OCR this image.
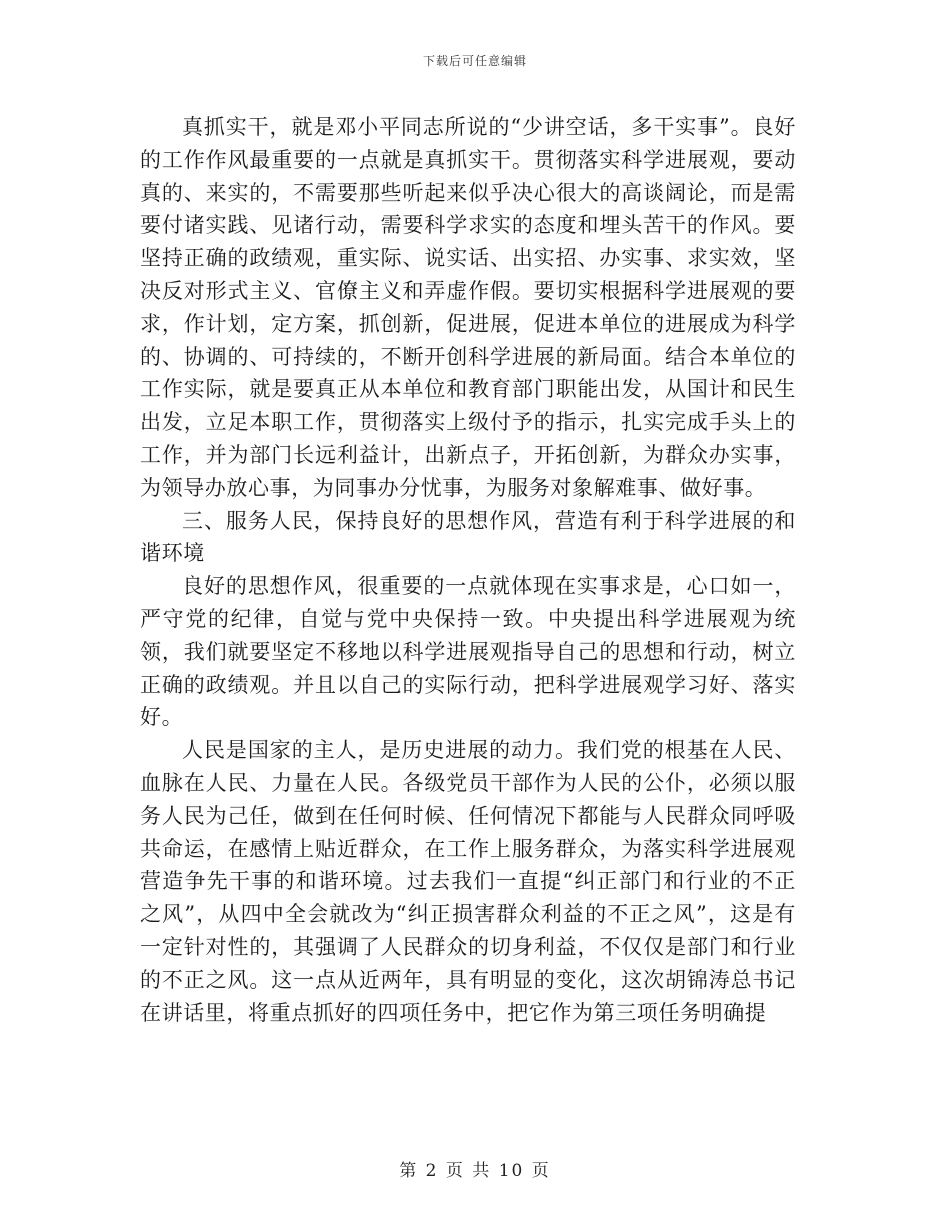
下载后可任意编辑

真抓实干，就是邓小平同志所说的“少讲空话，多干实事”。良好的工作作风最重要的一点就是真抓实干。贯彻落实科学进展观，要动真的、来实的，不需要那些听起来似乎决心很大的高谈阔论，而是需要付诸实践、见诸行动，需要科学求实的态度和埋头苦干的作风。要坚持正确的政绩观，重实际、说实话、出实招、办实事、求实效，坚决反对形式主义、官僚主义和弄虚作假。要切实根据科学进展观的要求，作计划，定方案，抓创新，促进展，促进本单位的进展成为科学的、协调的、可持续的，不断开创科学进展的新局面。结合本单位的工作实际，就是要真正从本单位和教育部门职能出发，从国计和民生出发，立足本职工作，贯彻落实上级付予的指示，扎实完成手头上的工作，并为部门长远利益计，出新点子，开拓创新，为群众办实事，为领导办放心事，为同事办分忧事，为服务对象解难事、做好事。

三、服务人民，保持良好的思想作风，营造有利于科学进展的和谐环境

良好的思想作风，很重要的一点就体现在实事求是，心口如一，严守党的纪律，自觉与党中央保持一致。中央提出科学进展观为统领，我们就要坚定不移地以科学进展观指导自己的思想和行动，树立正确的政绩观。并且以自己的实际行动，把科学进展观学习好、落实好。

人民是国家的主人，是历史进展的动力。我们党的根基在人民、血脉在人民、力量在人民。各级党员干部作为人民的公仆，必须以服务人民为己任，做到在任何时候、任何情况下都能与人民群众同呼吸共命运，在感情上贴近群众，在工作上服务群众，为落实科学进展观营造争先干事的和谐环境。过去我们一直提“纠正部门和行业的不正之风”，从四中全会就改为“纠正损害群众利益的不正之风”，这是有一定针对性的，其强调了人民群众的切身利益，不仅仅是部门和行业的不正之风。这一点从近两年，具有明显的变化，这次胡锦涛总书记在讲话里，将重点抓好的四项任务中，把它作为第三项任务明确提

第 2 页 共 10 页
